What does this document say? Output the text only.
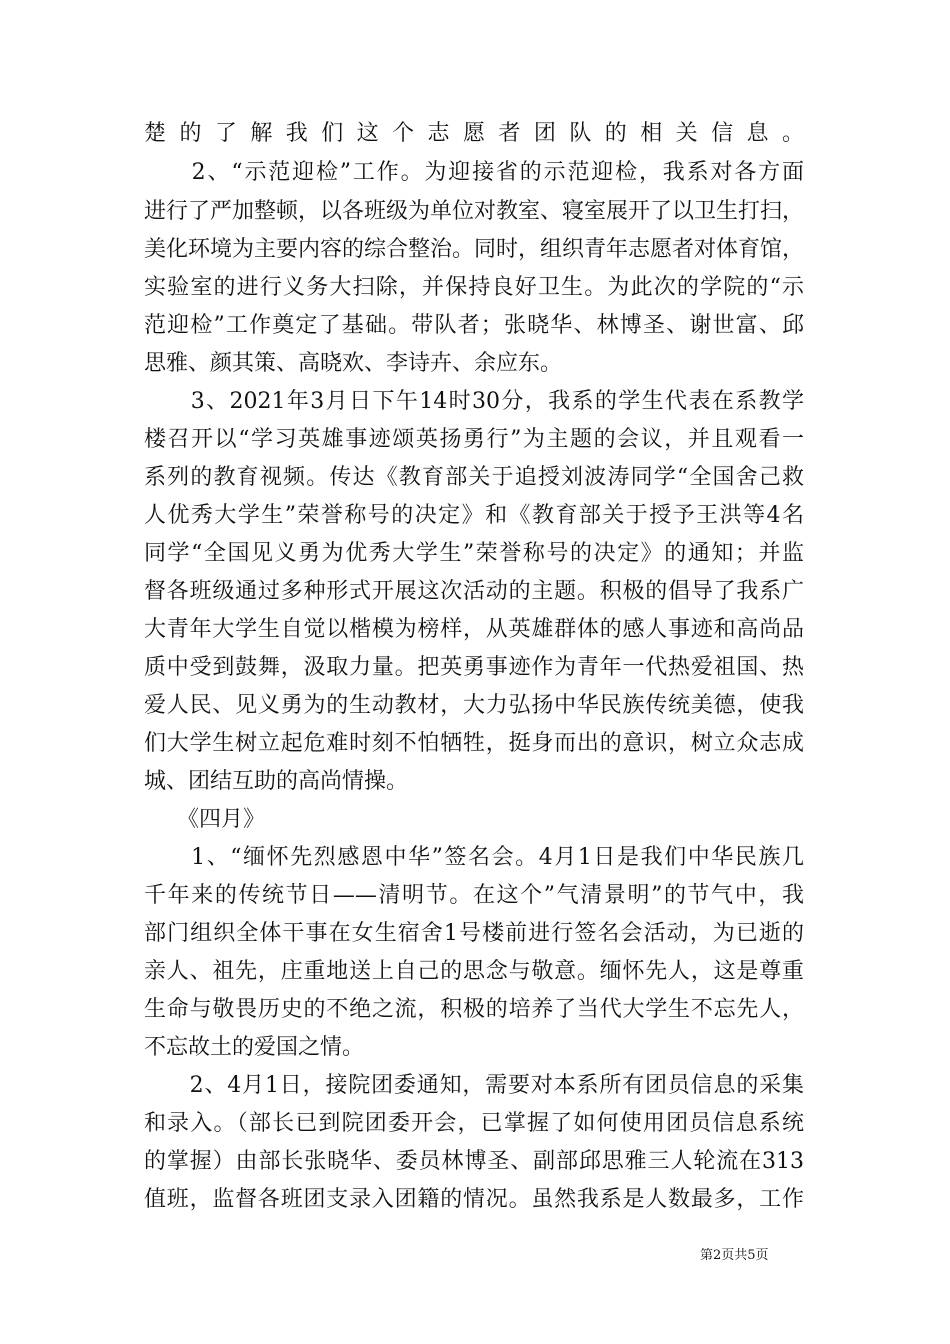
楚的了解我们这个志愿者团队的相关信息。
　　2、“示范迎检”工作。为迎接省的示范迎检，我系对各方面
进行了严加整顿，以各班级为单位对教室、寝室展开了以卫生打扫，
美化环境为主要内容的综合整治。同时，组织青年志愿者对体育馆，
实验室的进行义务大扫除，并保持良好卫生。为此次的学院的“示
范迎检”工作奠定了基础。带队者；张晓华、林博圣、谢世富、邱
思雅、颜其策、高晓欢、李诗卉、余应东。
　　3、2021年3月日下午14时30分，我系的学生代表在系教学
楼召开以“学习英雄事迹颂英扬勇行”为主题的会议，并且观看一
系列的教育视频。传达《教育部关于追授刘波涛同学“全国舍己救
人优秀大学生”荣誉称号的决定》和《教育部关于授予王洪等4名
同学“全国见义勇为优秀大学生”荣誉称号的决定》的通知；并监
督各班级通过多种形式开展这次活动的主题。积极的倡导了我系广
大青年大学生自觉以楷模为榜样，从英雄群体的感人事迹和高尚品
质中受到鼓舞，汲取力量。把英勇事迹作为青年一代热爱祖国、热
爱人民、见义勇为的生动教材，大力弘扬中华民族传统美德，使我
们大学生树立起危难时刻不怕牺牲，挺身而出的意识，树立众志成
城、团结互助的高尚情操。
　　《四月》
　　1、“缅怀先烈感恩中华”签名会。4月1日是我们中华民族几
千年来的传统节日——清明节。在这个”气清景明”的节气中，我
部门组织全体干事在女生宿舍1号楼前进行签名会活动，为已逝的
亲人、祖先，庄重地送上自己的思念与敬意。缅怀先人，这是尊重
生命与敬畏历史的不绝之流，积极的培养了当代大学生不忘先人，
不忘故土的爱国之情。
　　2、4月1日，接院团委通知，需要对本系所有团员信息的采集
和录入。（部长已到院团委开会，已掌握了如何使用团员信息系统
的掌握）由部长张晓华、委员林博圣、副部邱思雅三人轮流在313
值班，监督各班团支录入团籍的情况。虽然我系是人数最多，工作
第2页共5页
